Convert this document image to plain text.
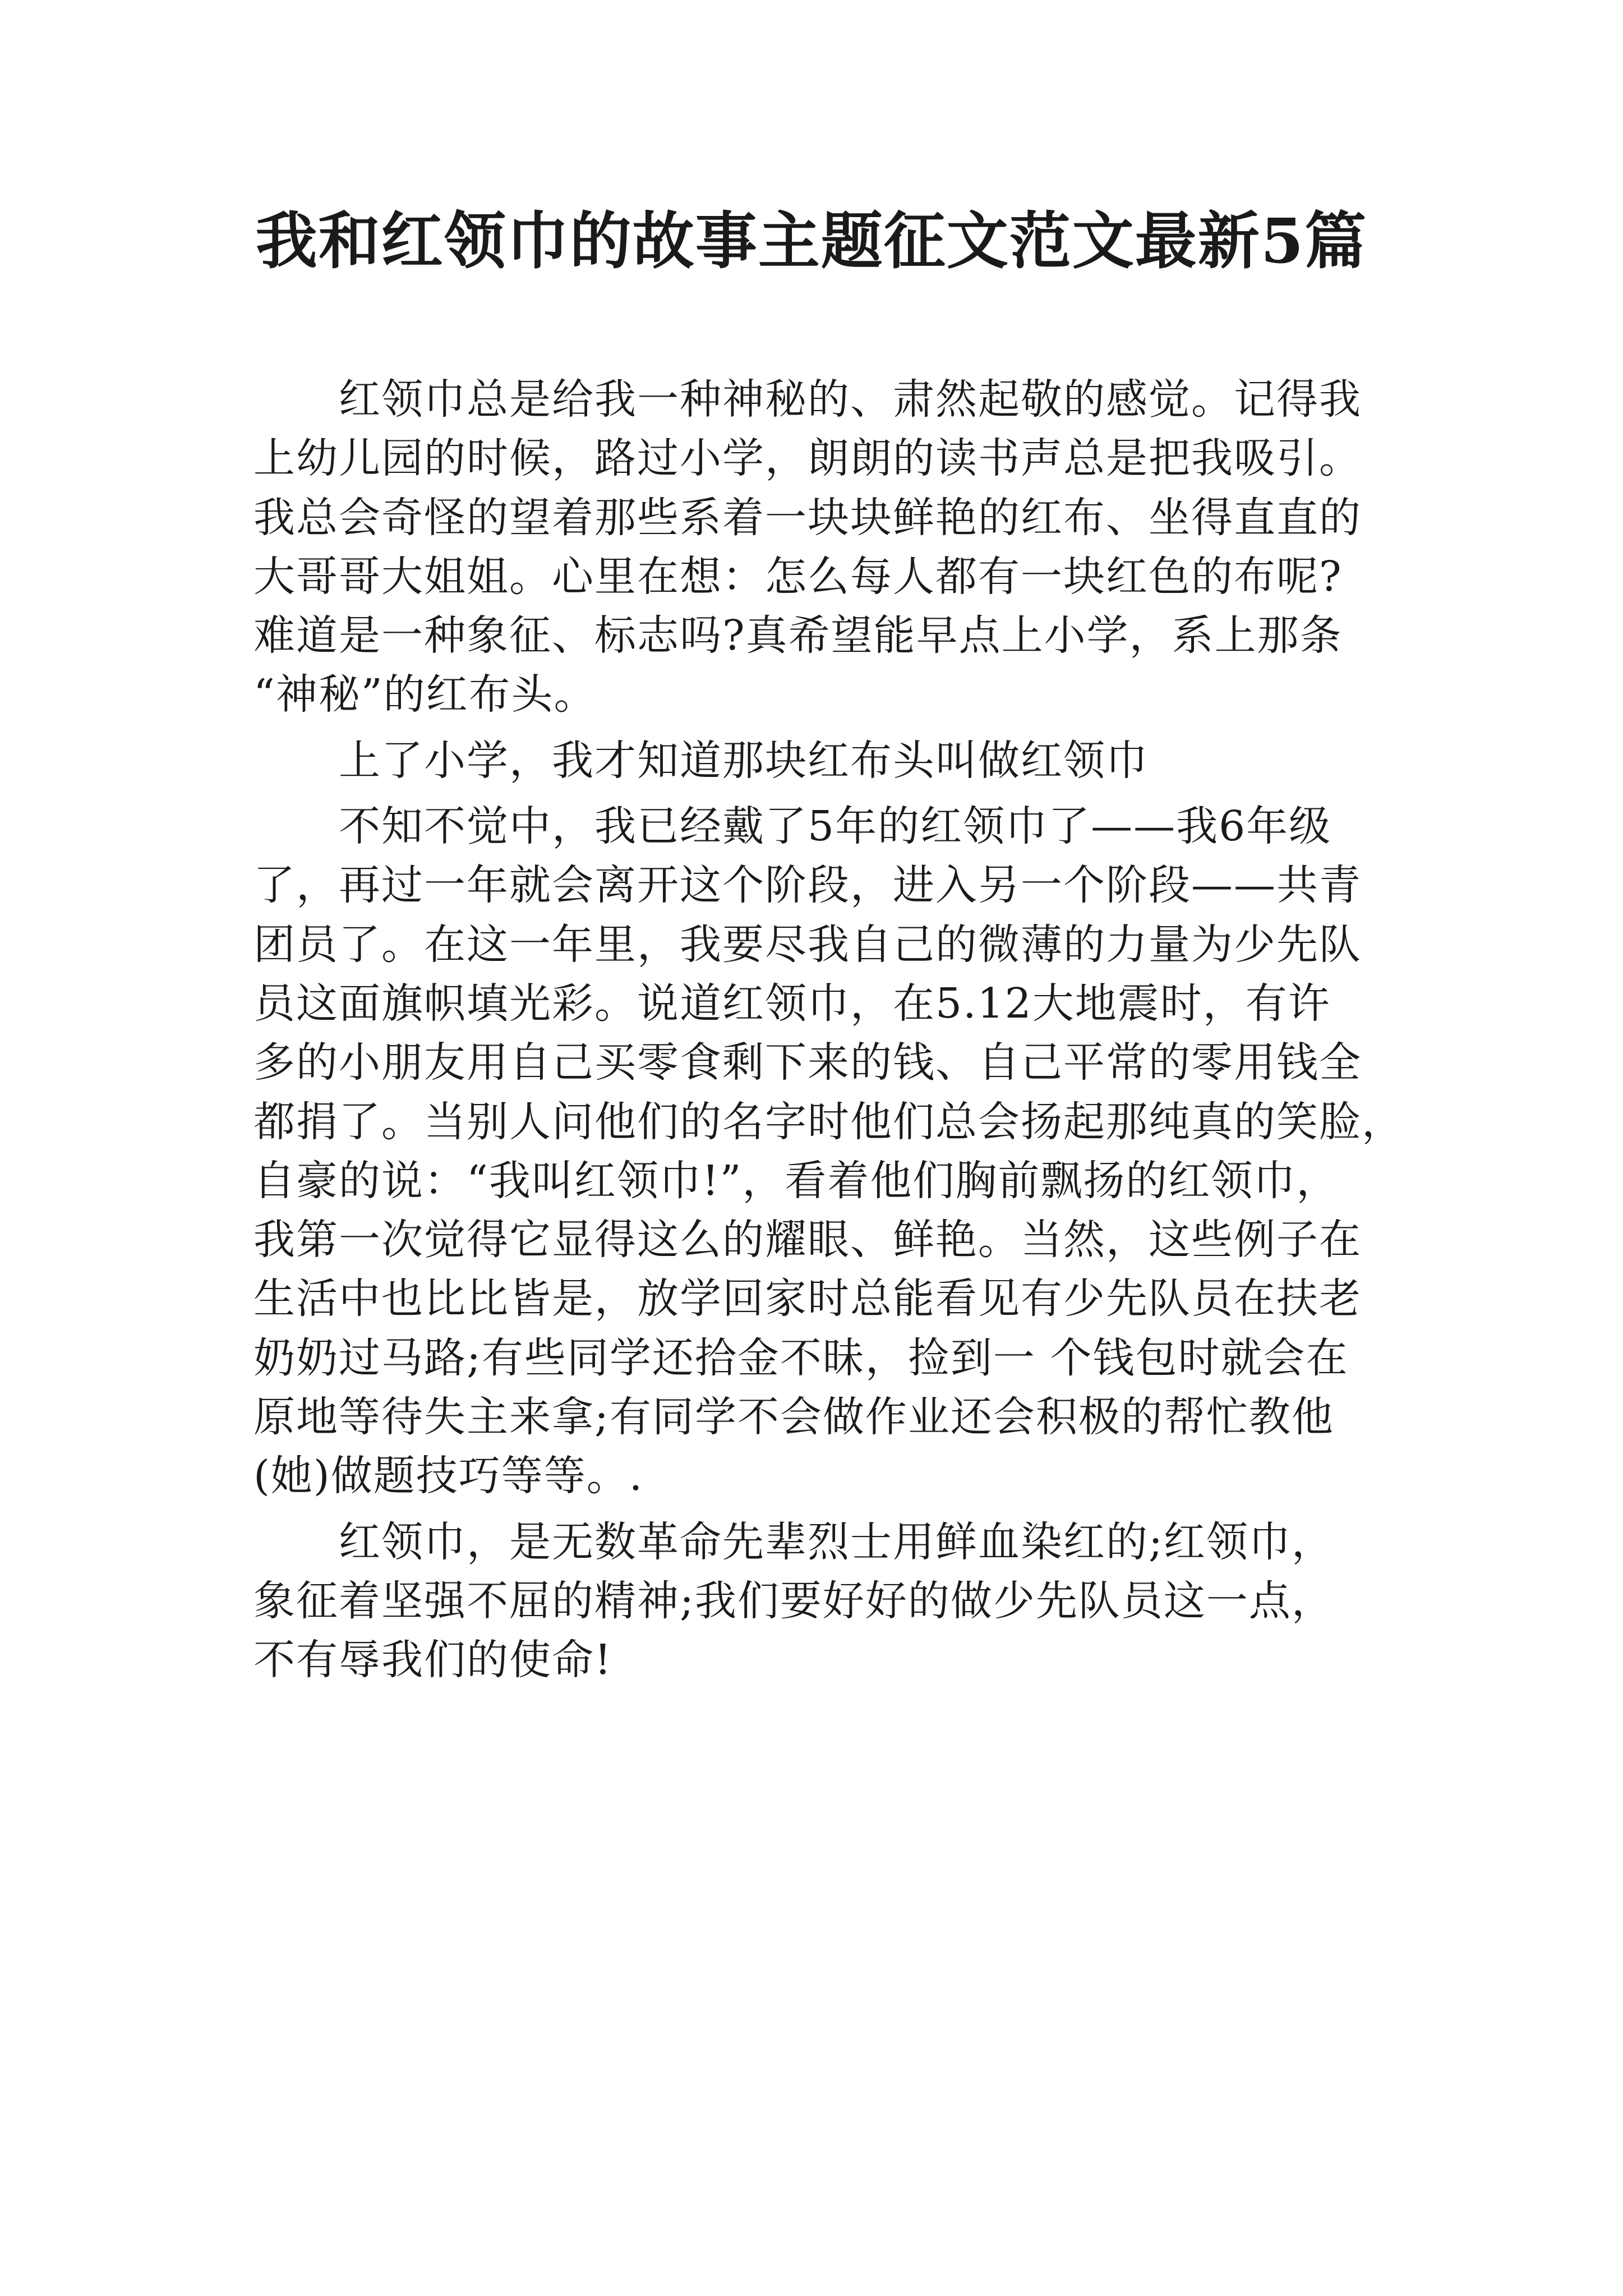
我和红领巾的故事主题征文范文最新5篇
　　红领巾总是给我一种神秘的、肃然起敬的感觉。记得我
上幼儿园的时候，路过小学，朗朗的读书声总是把我吸引。
我总会奇怪的望着那些系着一块块鲜艳的红布、坐得直直的
大哥哥大姐姐。心里在想：怎么每人都有一块红色的布呢?
难道是一种象征、标志吗?真希望能早点上小学，系上那条
“神秘”的红布头。
　　上了小学，我才知道那块红布头叫做红领巾
　　不知不觉中，我已经戴了5年的红领巾了——我6年级
了，再过一年就会离开这个阶段，进入另一个阶段——共青
团员了。在这一年里，我要尽我自己的微薄的力量为少先队
员这面旗帜填光彩。说道红领巾，在5.12大地震时，有许
多的小朋友用自己买零食剩下来的钱、自己平常的零用钱全
都捐了。当别人问他们的名字时他们总会扬起那纯真的笑脸，
自豪的说：“我叫红领巾!”，看着他们胸前飘扬的红领巾，
我第一次觉得它显得这么的耀眼、鲜艳。当然，这些例子在
生活中也比比皆是，放学回家时总能看见有少先队员在扶老
奶奶过马路;有些同学还拾金不昧，捡到一 个钱包时就会在
原地等待失主来拿;有同学不会做作业还会积极的帮忙教他
(她)做题技巧等等。.
　　红领巾，是无数革命先辈烈士用鲜血染红的;红领巾，
象征着坚强不屈的精神;我们要好好的做少先队员这一点，
不有辱我们的使命!
